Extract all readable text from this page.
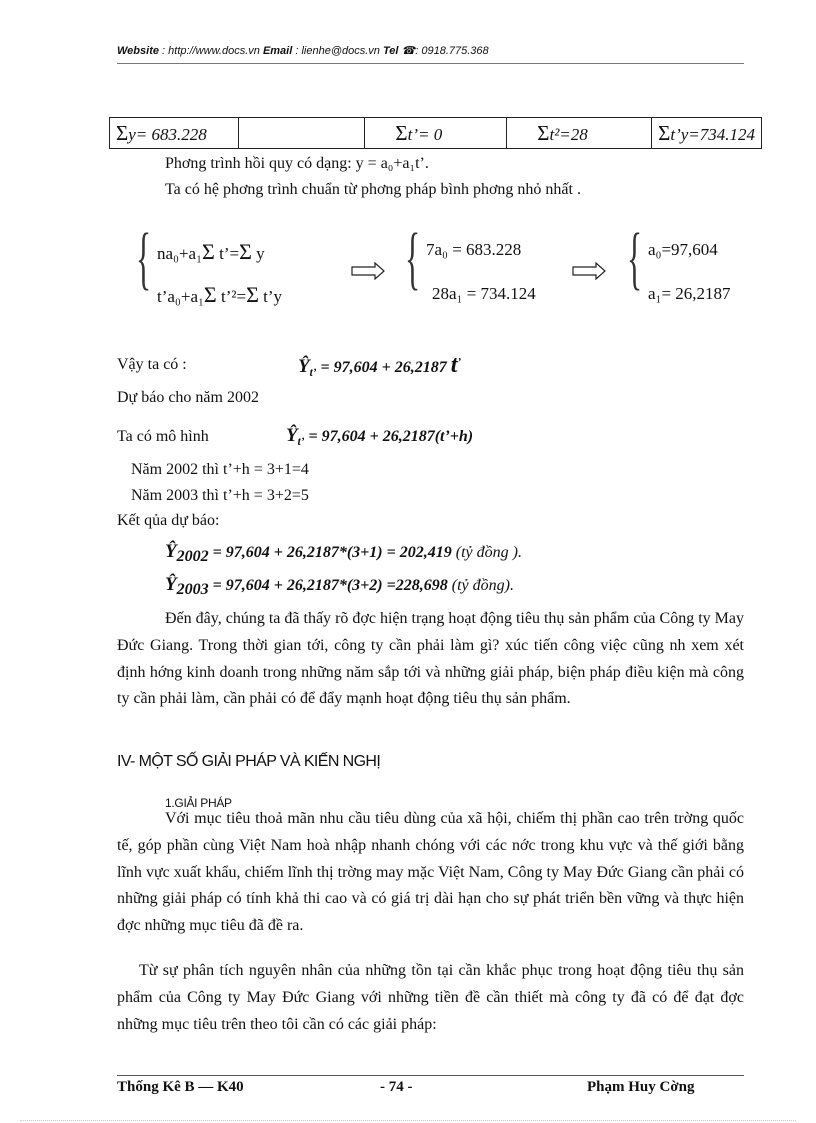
Website : http://www.docs.vn Email : lienhe@docs.vn Tel ☎: 0918.775.368
Σy= 683.228		Σt’= 0	Σt²=28	Σt’y=734.124
Phơng trình hồi quy có dạng: y = a₀+a₁t’.
Ta có hệ phơng trình chuẩn từ phơng pháp bình phơng nhỏ nhất .
{ na₀+a₁Σ t’=Σ y
t’a₀+a₁Σ t’²=Σ t’y { 7a₀ = 683.228
28a₁ = 734.124 { a₀=97,604
a₁= 26,2187
Vậy ta có :	$Ŷ_{t’} = 97,604 + 26,2187$ t’
Dự báo cho năm 2002
Ta có mô hình	$Ŷ_{t’} = 97,604$ + 26,2187(t’+h)
Năm 2002 thì t’+h = 3+1=4
Năm 2003 thì t’+h = 3+2=5
Kết qủa dự báo:
$Ŷ_{2002} = 97,604 + 26,2187*(3+1) = 202,419$ (tỷ đồng ).
$Ŷ_{2003} = 97,604 + 26,2187*(3+2) =228,698$ (tỷ đồng).
Đến đây, chúng ta đã thấy rõ đợc hiện trạng hoạt động tiêu thụ sản phẩm của Công ty May Đức Giang. Trong thời gian tới, công ty cần phải làm gì? xúc tiến công việc cũng nh xem xét định hớng kinh doanh trong những năm sắp tới và những giải pháp, biện pháp điều kiện mà công ty cần phải làm, cần phải có để đẩy mạnh hoạt động tiêu thụ sản phẩm.
IV- MỘT SỐ GIẢI PHÁP VÀ KIẾN NGHỊ
1.GIẢI PHÁP
Với mục tiêu thoả mãn nhu cầu tiêu dùng của xã hội, chiếm thị phần cao trên trờng quốc tế, góp phần cùng Việt Nam hoà nhập nhanh chóng với các nớc trong khu vực và thế giới bằng lĩnh vực xuất khẩu, chiếm lĩnh thị trờng may mặc Việt Nam, Công ty May Đức Giang cần phải có những giải pháp có tính khả thi cao và có giá trị dài hạn cho sự phát triển bền vững và thực hiện đợc những mục tiêu đã đề ra.
Từ sự phân tích nguyên nhân của những tồn tại cần khắc phục trong hoạt động tiêu thụ sản phẩm của Công ty May Đức Giang với những tiền đề cần thiết mà công ty đã có để đạt đợc những mục tiêu trên theo tôi cần có các giải pháp:
Thống Kê B — K40	- 74 -	Phạm Huy Cờng
